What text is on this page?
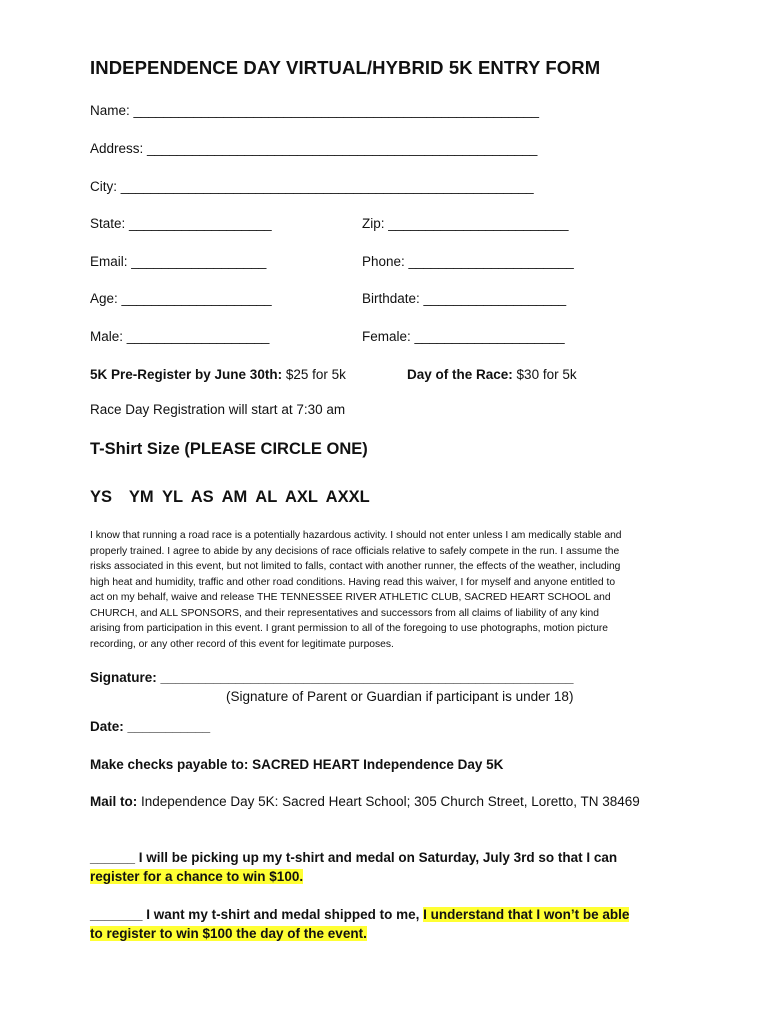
INDEPENDENCE DAY VIRTUAL/HYBRID 5K ENTRY FORM
Name: ______________________________________________________
Address: ____________________________________________________
City: _______________________________________________________
State: ___________________	Zip: ________________________
Email: __________________	Phone: ______________________
Age: ____________________	Birthdate: ___________________
Male: ___________________	Female: ____________________
5K Pre-Register by June 30th: $25 for 5k	Day of the Race: $30 for 5k
Race Day Registration will start at 7:30 am
T-Shirt Size (PLEASE CIRCLE ONE)
YS YM YL AS AM AL AXL AXXL
I know that running a road race is a potentially hazardous activity. I should not enter unless I am medically stable and
properly trained. I agree to abide by any decisions of race officials relative to safely compete in the run. I assume the
risks associated in this event, but not limited to falls, contact with another runner, the effects of the weather, including
high heat and humidity, traffic and other road conditions. Having read this waiver, I for myself and anyone entitled to
act on my behalf, waive and release THE TENNESSEE RIVER ATHLETIC CLUB, SACRED HEART SCHOOL and
CHURCH, and ALL SPONSORS, and their representatives and successors from all claims of liability of any kind
arising from participation in this event. I grant permission to all of the foregoing to use photographs, motion picture
recording, or any other record of this event for legitimate purposes.
Signature: _______________________________________________________
(Signature of Parent or Guardian if participant is under 18)
Date: ___________
Make checks payable to: SACRED HEART Independence Day 5K
Mail to: Independence Day 5K: Sacred Heart School; 305 Church Street, Loretto, TN 38469
______ I will be picking up my t-shirt and medal on Saturday, July 3rd so that I can
register for a chance to win $100.
_______ I want my t-shirt and medal shipped to me, I understand that I won’t be able
to register to win $100 the day of the event.
